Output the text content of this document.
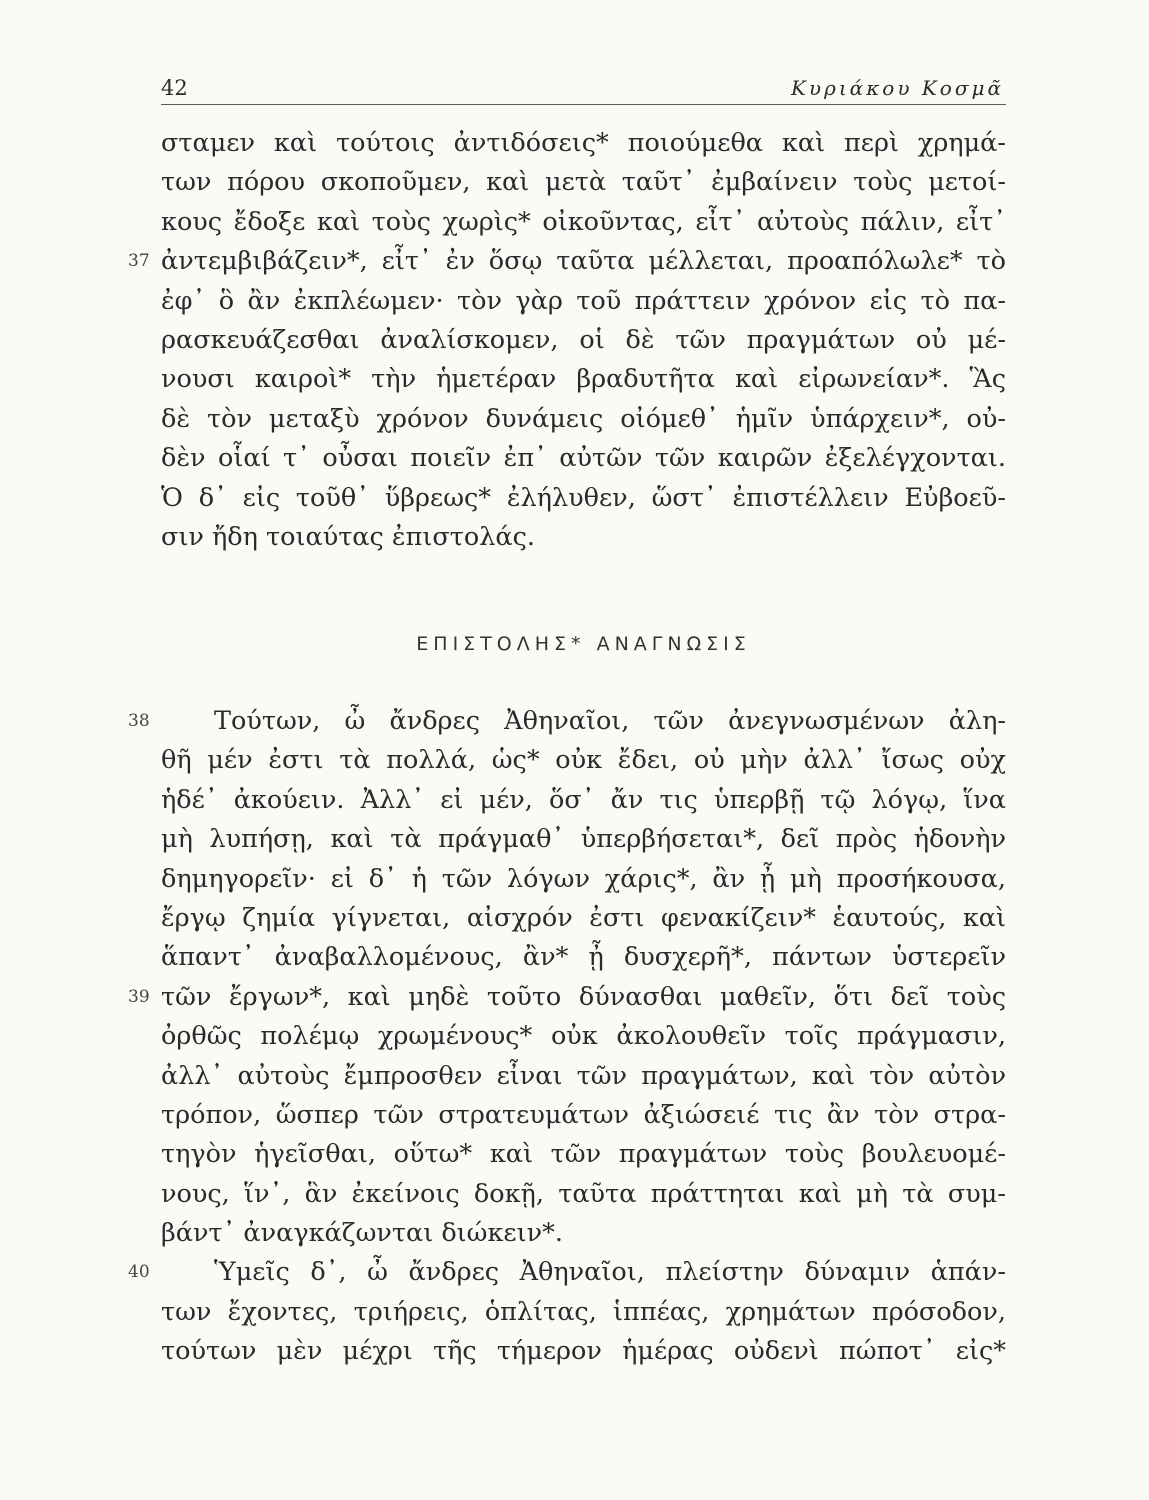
42	Κυριάκου Κοσμᾶ
σταμεν καὶ τούτοις ἀντιδόσεις* ποιούμεθα καὶ περὶ χρημά-
των πόρου σκοποῦμεν, καὶ μετὰ ταῦτ᾽ ἐμβαίνειν τοὺς μετοί-
κους ἔδοξε καὶ τοὺς χωρὶς* οἰκοῦντας, εἶτ᾽ αὐτοὺς πάλιν, εἶτ᾽
37 ἀντεμβιβάζειν*, εἶτ᾽ ἐν ὅσῳ ταῦτα μέλλεται, προαπόλωλε* τὸ
ἐφ᾽ ὃ ἂν ἐκπλέωμεν· τὸν γὰρ τοῦ πράττειν χρόνον εἰς τὸ πα-
ρασκευάζεσθαι ἀναλίσκομεν, οἱ δὲ τῶν πραγμάτων οὐ μέ-
νουσι καιροὶ* τὴν ἡμετέραν βραδυτῆτα καὶ εἰρωνείαν*. Ἃς
δὲ τὸν μεταξὺ χρόνον δυνάμεις οἰόμεθ᾽ ἡμῖν ὑπάρχειν*, οὐ-
δὲν οἷαί τ᾽ οὖσαι ποιεῖν ἐπ᾽ αὐτῶν τῶν καιρῶν ἐξελέγχονται.
Ὁ δ᾽ εἰς τοῦθ᾽ ὕβρεως* ἐλήλυθεν, ὥστ᾽ ἐπιστέλλειν Εὐβοεῦ-
σιν ἤδη τοιαύτας ἐπιστολάς.
ΕΠΙΣΤΟΛΗΣ* ΑΝΑΓΝΩΣΙΣ
38	Τούτων, ὦ ἄνδρες Ἀθηναῖοι, τῶν ἀνεγνωσμένων ἀλη-
θῆ μέν ἐστι τὰ πολλά, ὡς* οὐκ ἔδει, οὐ μὴν ἀλλ᾽ ἴσως οὐχ
ἡδέ᾽ ἀκούειν. Ἀλλ᾽ εἰ μέν, ὅσ᾽ ἄν τις ὑπερβῇ τῷ λόγῳ, ἵνα
μὴ λυπήσῃ, καὶ τὰ πράγμαθ᾽ ὑπερβήσεται*, δεῖ πρὸς ἡδονὴν
δημηγορεῖν· εἰ δ᾽ ἡ τῶν λόγων χάρις*, ἂν ᾖ μὴ προσήκουσα,
ἔργῳ ζημία γίγνεται, αἰσχρόν ἐστι φενακίζειν* ἑαυτούς, καὶ
ἅπαντ᾽ ἀναβαλλομένους, ἂν* ᾖ δυσχερῆ*, πάντων ὑστερεῖν
39 τῶν ἔργων*, καὶ μηδὲ τοῦτο δύνασθαι μαθεῖν, ὅτι δεῖ τοὺς
ὀρθῶς πολέμῳ χρωμένους* οὐκ ἀκολουθεῖν τοῖς πράγμασιν,
ἀλλ᾽ αὐτοὺς ἔμπροσθεν εἶναι τῶν πραγμάτων, καὶ τὸν αὐτὸν
τρόπον, ὥσπερ τῶν στρατευμάτων ἀξιώσειέ τις ἂν τὸν στρα-
τηγὸν ἡγεῖσθαι, οὕτω* καὶ τῶν πραγμάτων τοὺς βουλευομέ-
νους, ἵν᾽, ἃν ἐκείνοις δοκῇ, ταῦτα πράττηται καὶ μὴ τὰ συμ-
βάντ᾽ ἀναγκάζωνται διώκειν*.
40	Ὑμεῖς δ᾽, ὦ ἄνδρες Ἀθηναῖοι, πλείστην δύναμιν ἁπάν-
των ἔχοντες, τριήρεις, ὁπλίτας, ἱππέας, χρημάτων πρόσοδον,
τούτων μὲν μέχρι τῆς τήμερον ἡμέρας οὐδενὶ πώποτ᾽ εἰς*
